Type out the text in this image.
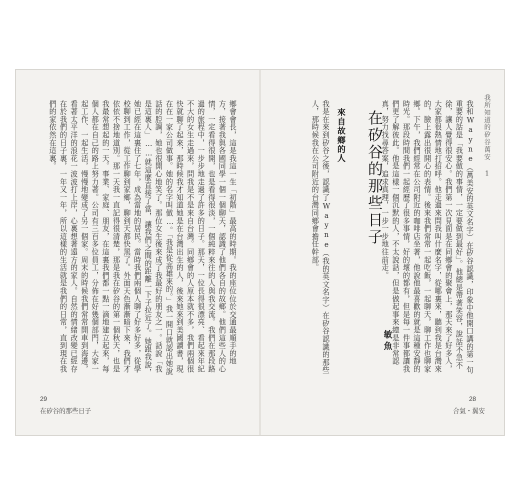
鄉會會長，這是我這一生「初階」最高的時期。我的座位位於交通最順手的地方，接著我與各國同學一個一個聊天，認識了他們各自的故鄉。他們這些人的心情，一定看得很開，也是看得很淡，一個純粹來往的人與我交流。我們在那段路過的旅程中，一步步地走過了許多的日子。那天，一位長得很漂亮、看起來年紀不大的女生走過來，問我是不是來自台灣。同鄉會的人原本就不多，我們兩個很快就聊了起來，那時候我才知道她是在台灣出生的人，後來她來到美國讀書，現在在一家公司做事。她的名字叫做…。「我是從高雄來的。」我一開口就認出她說話的腔調，她也很開心地笑了。那位女生後來成了我最好的朋友之一。話說「我是這裏人」……就這麼直接了當，讓我們之間的距離一下子拉近了。她跟我說，她已經在這裏住了七年，成為當地的居民。當時我們兩個人聊了好多好多，從學校聊到工作，從工作聊到家鄉，聊到天都快黑了。外面天色漸漸暗下來，我們才依依不捨地道別。那一天我一直記得很清楚，那是我在矽谷的第一個秋天，也是我最常想起的一天。事業、家庭、朋友，在這裏我們都一點一滴地建立起來，每個人都在自己的路上努力著。公司有三百多位員工，分佈在好幾個部門，大家一起工作、一起生活，慢慢地變成了另一個家。周末的時候我們常常開車到海邊，看著太平洋的浪花一波波打上岸，心裏想著遠方的家人。自然的情緒改變已經存在於我們的日子裏，一年又一年，所以這樣的生活就是我們的日常，直到現在我們的家依然在這裏。
29
在矽谷的那些日子
我所知道的矽谷萬安 1
我和Wayne（萬美安的英文名字）在矽谷認識，印象中他開口講的第一句重要的話是「我要做的事情，一定要做到最好」。他總是帶著笑容，說話不急不徐，讓人覺得很安心。我們第一次見面是在同鄉會的聚會上，那天來了好多人，大家都很熱情地打招呼。他走過來問我叫什麼名字，從哪裏來，聽到我是台灣來的，臉上露出很開心的表情。後來我們常常一起吃飯，一起聊天，聊工作也聊家鄉。下午，我們經常在公司附近的咖啡店坐著，他說他最喜歡的就是這種安靜的時光。那段時間我們一起經歷了很多事情，好的壞的都有，但是每一件事都讓我們更了解彼此。他是這樣一個沉默的人，不太說話，但是做起事來總是非常認真，努力找尋答案，追求真理，一步一步地往前走。
在矽谷的那些日子
來自故鄉的人
我是在來到矽谷之後，認識了Wayne（我的英文名字）在矽谷認識的那些人，那時候我在公司附近的台灣同鄉會擔任幹部。
敏魚
28
合氣・翼安
